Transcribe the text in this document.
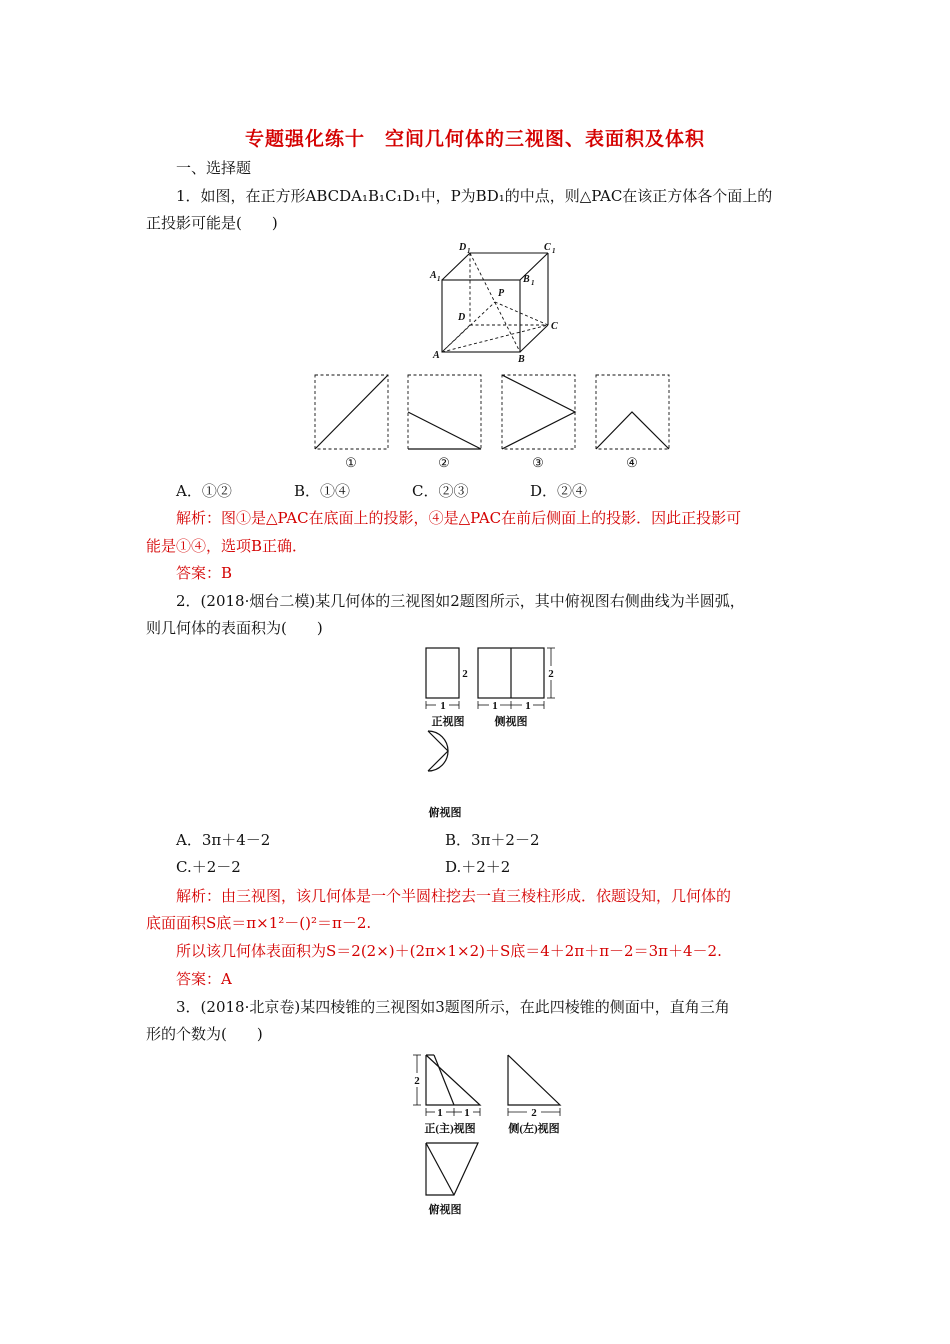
专题强化练十　空间几何体的三视图、表面积及体积
一、选择题
1．如图，在正方形ABCDA₁B₁C₁D₁中，P为BD₁的中点，则△PAC在该正方体各个面上的
正投影可能是(　　)
D 1	C 1
A 1	B 1
P
D
C
A	B
①	②	③	④
A．①②	B．①④	C．②③	D．②④
解析：图①是△PAC在底面上的投影，④是△PAC在前后侧面上的投影．因此正投影可
能是①④，选项B正确．
答案：B
2．(2018·烟台二模)某几何体的三视图如2题图所示，其中俯视图右侧曲线为半圆弧，
则几何体的表面积为(　　)
2	2
1	1	1
正视图	侧视图
俯视图
A．3π＋4－2	B．3π＋2－2
C.＋2－2	D.＋2＋2
解析：由三视图，该几何体是一个半圆柱挖去一直三棱柱形成．依题设知，几何体的
底面面积S底＝π×1²－()²＝π－2.
所以该几何体表面积为S＝2(2×)＋(2π×1×2)＋S底＝4＋2π＋π－2＝3π＋4－2.
答案：A
3．(2018·北京卷)某四棱锥的三视图如3题图所示，在此四棱锥的侧面中，直角三角
形的个数为(　　)
2
1 1	2
正(主)视图	侧(左)视图
俯视图
